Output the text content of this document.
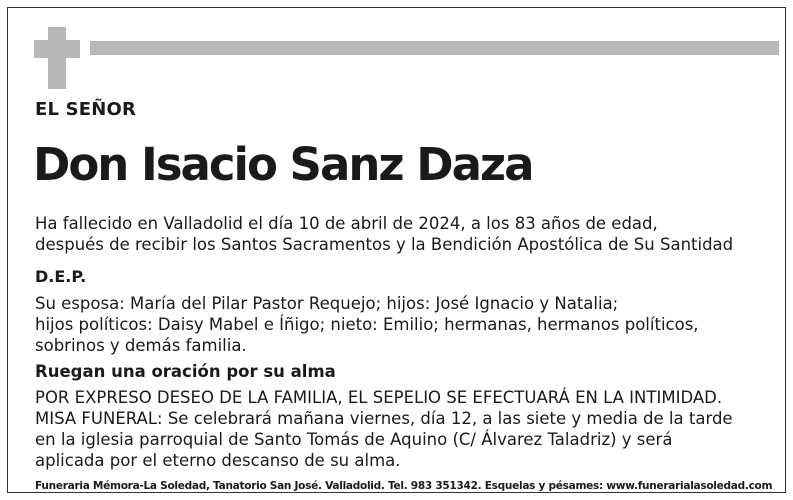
EL SEÑOR
Don Isacio Sanz Daza
Ha fallecido en Valladolid el día 10 de abril de 2024, a los 83 años de edad,
después de recibir los Santos Sacramentos y la Bendición Apostólica de Su Santidad
D.E.P.
Su esposa: María del Pilar Pastor Requejo; hijos: José Ignacio y Natalia;
hijos políticos: Daisy Mabel e Íñigo; nieto: Emilio; hermanas, hermanos políticos,
sobrinos y demás familia.
Ruegan una oración por su alma
POR EXPRESO DESEO DE LA FAMILIA, EL SEPELIO SE EFECTUARÁ EN LA INTIMIDAD.
MISA FUNERAL: Se celebrará mañana viernes, día 12, a las siete y media de la tarde
en la iglesia parroquial de Santo Tomás de Aquino (C/ Álvarez Taladriz) y será
aplicada por el eterno descanso de su alma.
Funeraria Mémora-La Soledad, Tanatorio San José. Valladolid. Tel. 983 351342. Esquelas y pésames: www.funerarialasoledad.com
